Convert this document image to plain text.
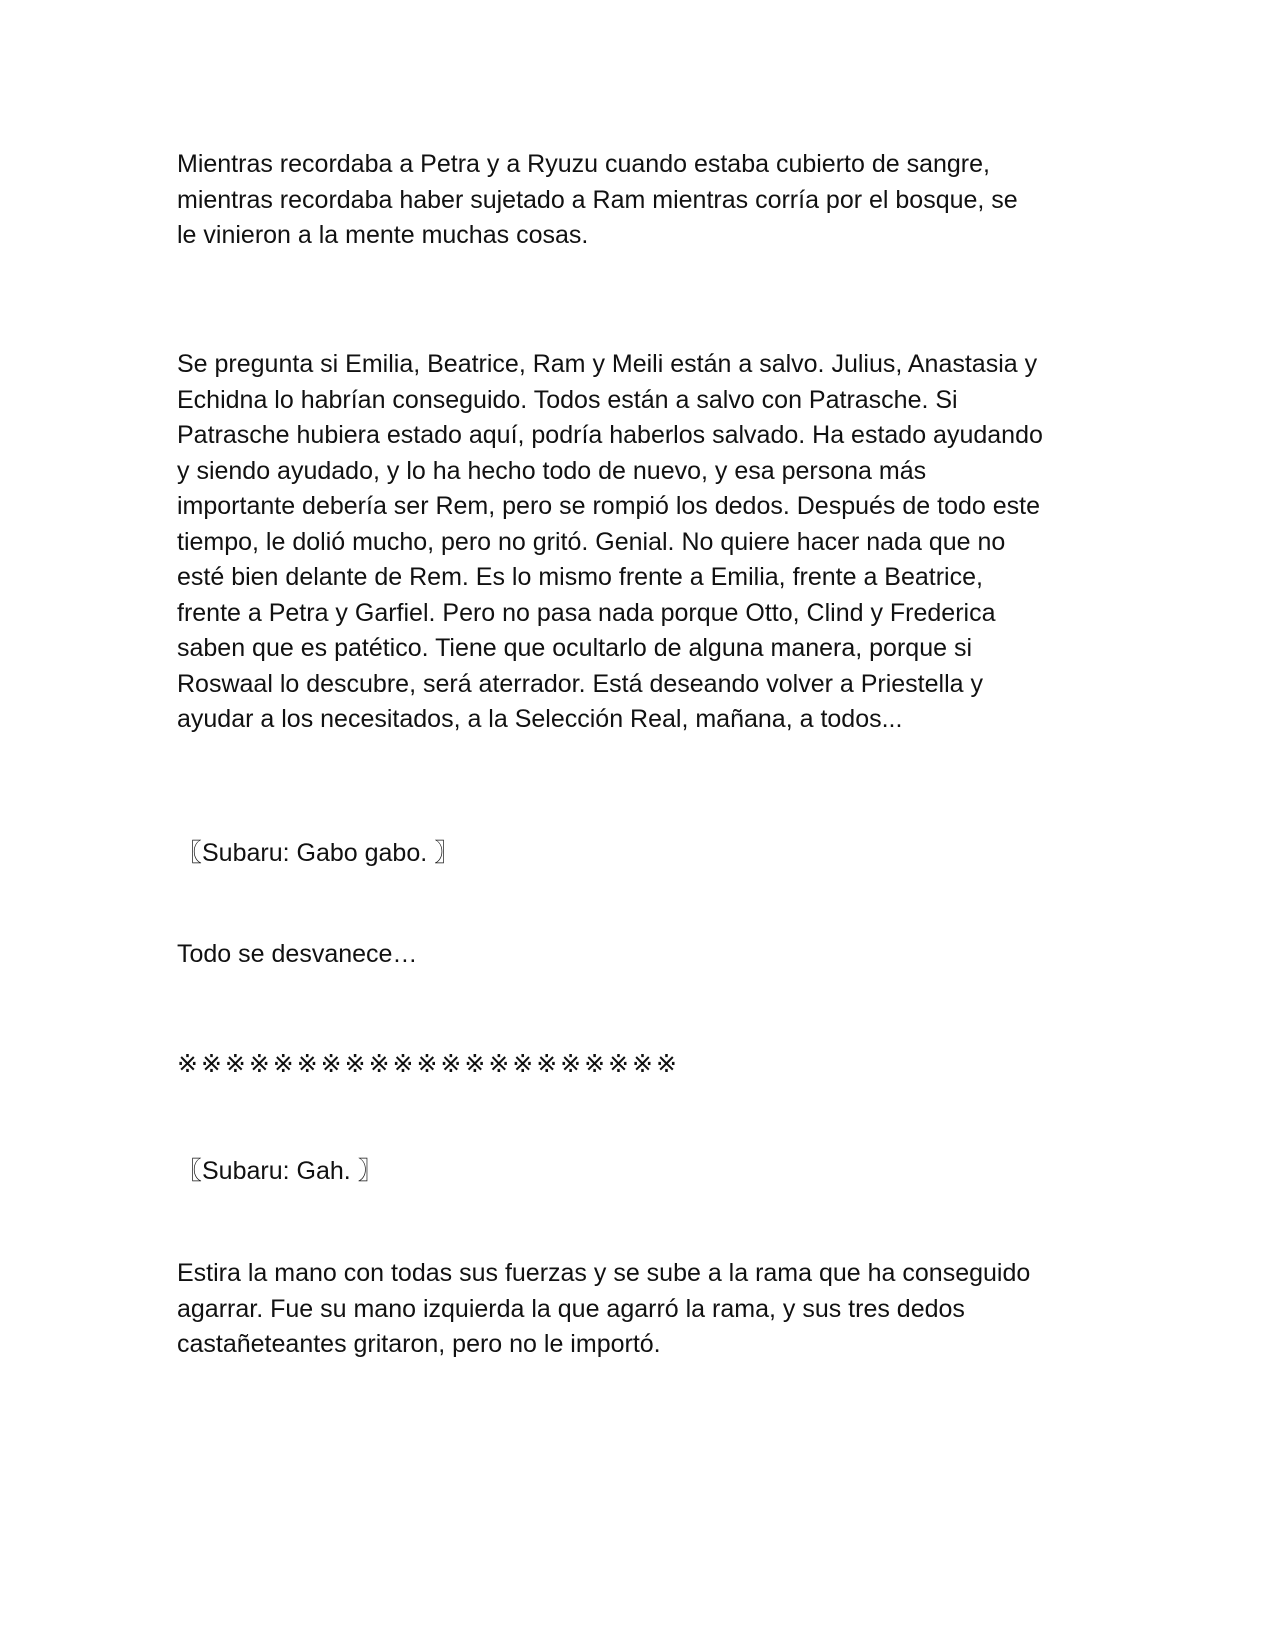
Mientras recordaba a Petra y a Ryuzu cuando estaba cubierto de sangre,
mientras recordaba haber sujetado a Ram mientras corría por el bosque, se
le vinieron a la mente muchas cosas.

Se pregunta si Emilia, Beatrice, Ram y Meili están a salvo. Julius, Anastasia y
Echidna lo habrían conseguido. Todos están a salvo con Patrasche. Si
Patrasche hubiera estado aquí, podría haberlos salvado. Ha estado ayudando
y siendo ayudado, y lo ha hecho todo de nuevo, y esa persona más
importante debería ser Rem, pero se rompió los dedos. Después de todo este
tiempo, le dolió mucho, pero no gritó. Genial. No quiere hacer nada que no
esté bien delante de Rem. Es lo mismo frente a Emilia, frente a Beatrice,
frente a Petra y Garfiel. Pero no pasa nada porque Otto, Clind y Frederica
saben que es patético. Tiene que ocultarlo de alguna manera, porque si
Roswaal lo descubre, será aterrador. Está deseando volver a Priestella y
ayudar a los necesitados, a la Selección Real, mañana, a todos...

〖Subaru: Gabo gabo. 〗

Todo se desvanece…

※※※※※※※※※※※※※※※※※※※※※

〖Subaru: Gah. 〗

Estira la mano con todas sus fuerzas y se sube a la rama que ha conseguido
agarrar. Fue su mano izquierda la que agarró la rama, y sus tres dedos
castañeteantes gritaron, pero no le importó.
